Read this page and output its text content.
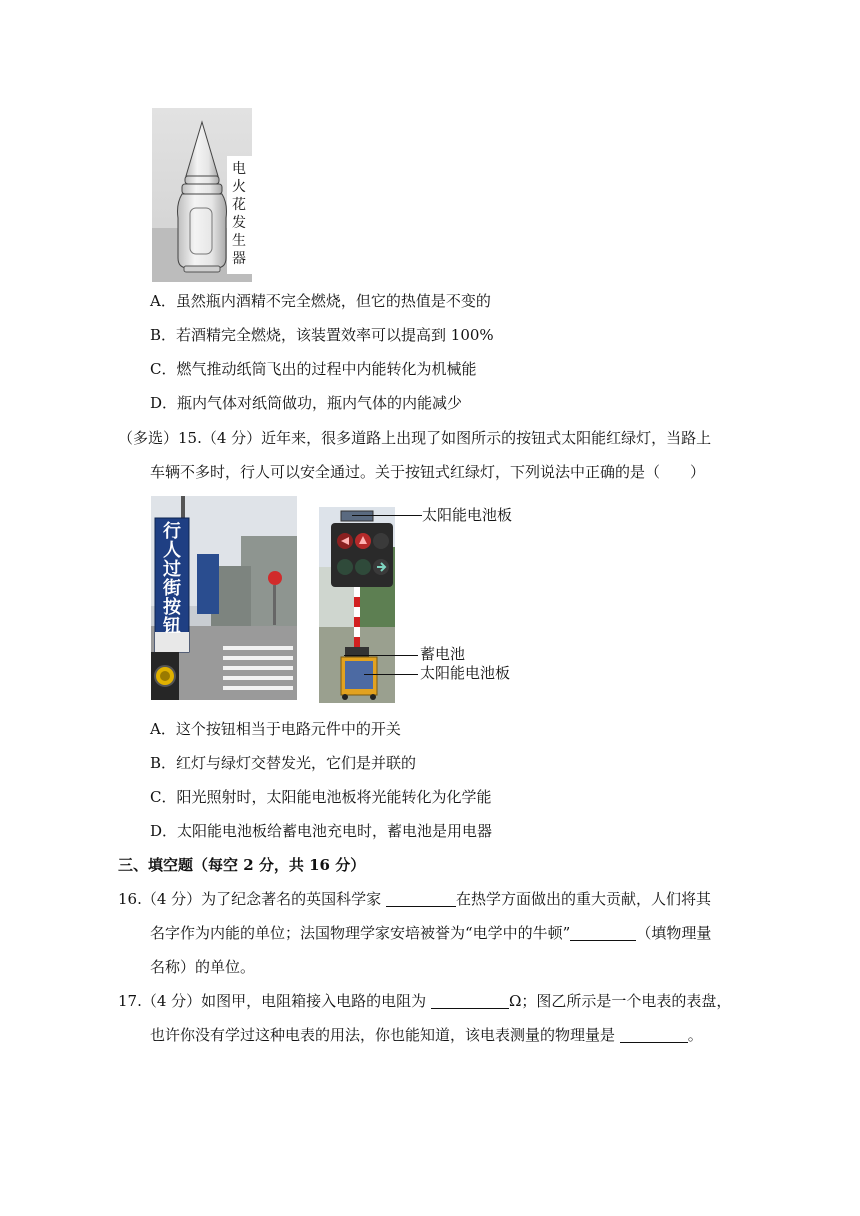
电
火
花
发
生
器
A．虽然瓶内酒精不完全燃烧，但它的热值是不变的
B．若酒精完全燃烧，该装置效率可以提高到 100%
C．燃气推动纸筒飞出的过程中内能转化为机械能
D．瓶内气体对纸筒做功，瓶内气体的内能减少
（多选）15.（4 分）近年来，很多道路上出现了如图所示的按钮式太阳能红绿灯，当路上
车辆不多时，行人可以安全通过。关于按钮式红绿灯，下列说法中正确的是（　　）
行
人
过
街
按
钮
太阳能电池板
蓄电池
太阳能电池板
A．这个按钮相当于电路元件中的开关
B．红灯与绿灯交替发光，它们是并联的
C．阳光照射时，太阳能电池板将光能转化为化学能
D．太阳能电池板给蓄电池充电时，蓄电池是用电器
三、填空题（每空 2 分，共 16 分）
16.（4 分）为了纪念著名的英国科学家	在热学方面做出的重大贡献，人们将其
名字作为内能的单位；法国物理学家安培被誉为“电学中的牛顿”	（填物理量
名称）的单位。
17.（4 分）如图甲，电阻箱接入电路的电阻为	Ω；图乙所示是一个电表的表盘，
也许你没有学过这种电表的用法，你也能知道，该电表测量的物理量是	。
